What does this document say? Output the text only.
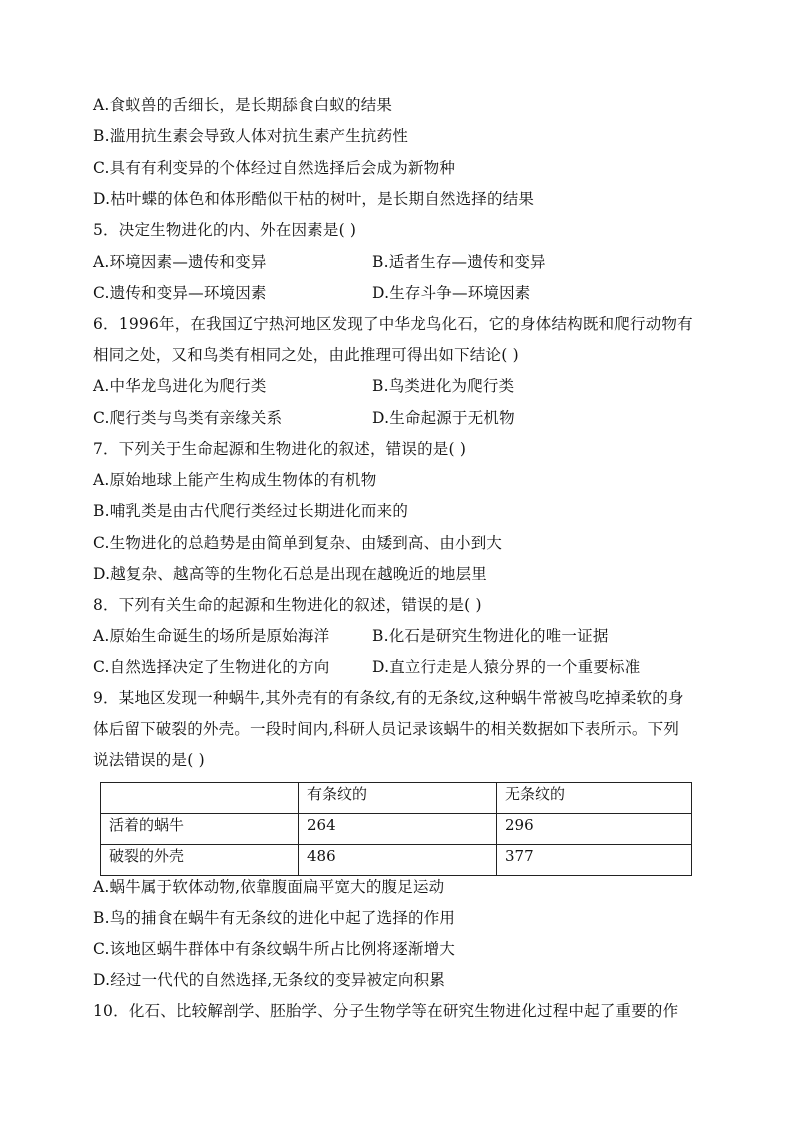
A.食蚁兽的舌细长，是长期舔食白蚁的结果
B.滥用抗生素会导致人体对抗生素产生抗药性
C.具有有利变异的个体经过自然选择后会成为新物种
D.枯叶蝶的体色和体形酷似干枯的树叶，是长期自然选择的结果
5．决定生物进化的内、外在因素是( )
A.环境因素—遗传和变异	B.适者生存—遗传和变异
C.遗传和变异—环境因素	D.生存斗争—环境因素
6．1996年，在我国辽宁热河地区发现了中华龙鸟化石，它的身体结构既和爬行动物有
相同之处，又和鸟类有相同之处，由此推理可得出如下结论( )
A.中华龙鸟进化为爬行类	B.鸟类进化为爬行类
C.爬行类与鸟类有亲缘关系	D.生命起源于无机物
7．下列关于生命起源和生物进化的叙述，错误的是( )
A.原始地球上能产生构成生物体的有机物
B.哺乳类是由古代爬行类经过长期进化而来的
C.生物进化的总趋势是由简单到复杂、由矮到高、由小到大
D.越复杂、越高等的生物化石总是出现在越晚近的地层里
8．下列有关生命的起源和生物进化的叙述，错误的是( )
A.原始生命诞生的场所是原始海洋	B.化石是研究生物进化的唯一证据
C.自然选择决定了生物进化的方向	D.直立行走是人猿分界的一个重要标准
9．某地区发现一种蜗牛,其外壳有的有条纹,有的无条纹,这种蜗牛常被鸟吃掉柔软的身
体后留下破裂的外壳。一段时间内,科研人员记录该蜗牛的相关数据如下表所示。下列
说法错误的是( )
	有条纹的	无条纹的
活着的蜗牛	264	296
破裂的外壳	486	377
A.蜗牛属于软体动物,依靠腹面扁平宽大的腹足运动
B.鸟的捕食在蜗牛有无条纹的进化中起了选择的作用
C.该地区蜗牛群体中有条纹蜗牛所占比例将逐渐增大
D.经过一代代的自然选择,无条纹的变异被定向积累
10．化石、比较解剖学、胚胎学、分子生物学等在研究生物进化过程中起了重要的作
